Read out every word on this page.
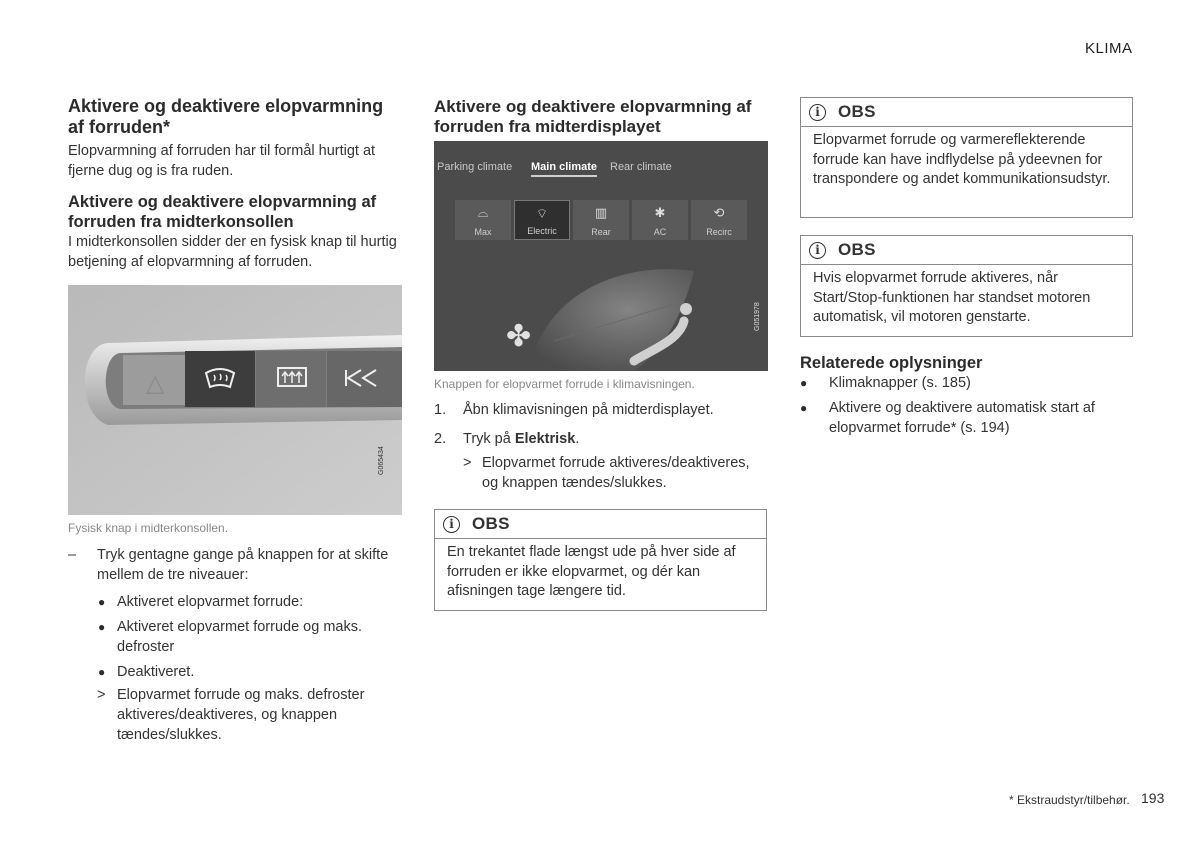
KLIMA
Aktivere og deaktivere elopvarmning af forruden*
Elopvarmning af forruden har til formål hurtigt at fjerne dug og is fra ruden.
Aktivere og deaktivere elopvarmning af forruden fra midterkonsollen
I midterkonsollen sidder der en fysisk knap til hurtig betjening af elopvarmning af forruden.
△
G065434
Fysisk knap i midterkonsollen.
– Tryk gentagne gange på knappen for at skifte mellem de tre niveauer:
● Aktiveret elopvarmet forrude:
● Aktiveret elopvarmet forrude og maks. defroster
● Deaktiveret.
> Elopvarmet forrude og maks. defroster aktiveres/deaktiveres, og knappen tændes/slukkes.
Aktivere og deaktivere elopvarmning af forruden fra midterdisplayet
Parking climate Main climate Rear climate
⌓
Max
⌔
Electric
▥
Rear
✱
AC
⟲
Recirc
✤
G051978
Knappen for elopvarmet forrude i klimavisningen.
1. Åbn klimavisningen på midterdisplayet.
2. Tryk på Elektrisk.
> Elopvarmet forrude aktiveres/deaktiveres, og knappen tændes/slukkes.
i	OBS
En trekantet flade længst ude på hver side af forruden er ikke elopvarmet, og dér kan afisningen tage længere tid.
i	OBS
Elopvarmet forrude og varmereflekterende forrude kan have indflydelse på ydeevnen for transpondere og andet kommunikationsudstyr.
i	OBS
Hvis elopvarmet forrude aktiveres, når Start/Stop-funktionen har standset motoren automatisk, vil motoren genstarte.
Relaterede oplysninger
● Klimaknapper (s. 185)
● Aktivere og deaktivere automatisk start af elopvarmet forrude* (s. 194)
* Ekstraudstyr/tilbehør. 193
